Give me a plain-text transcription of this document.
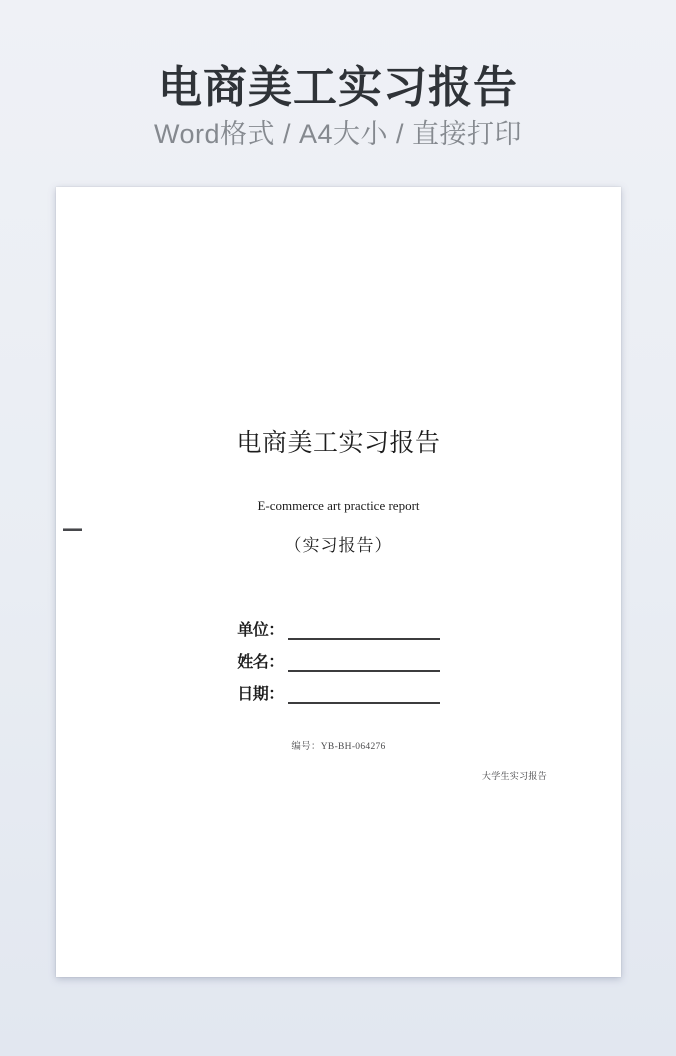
电商美工实习报告
Word格式 / A4大小 / 直接打印
电商美工实习报告
E-commerce art practice report
（实习报告）
单位：
姓名：
日期：
编号：YB-BH-064276
大学生实习报告
